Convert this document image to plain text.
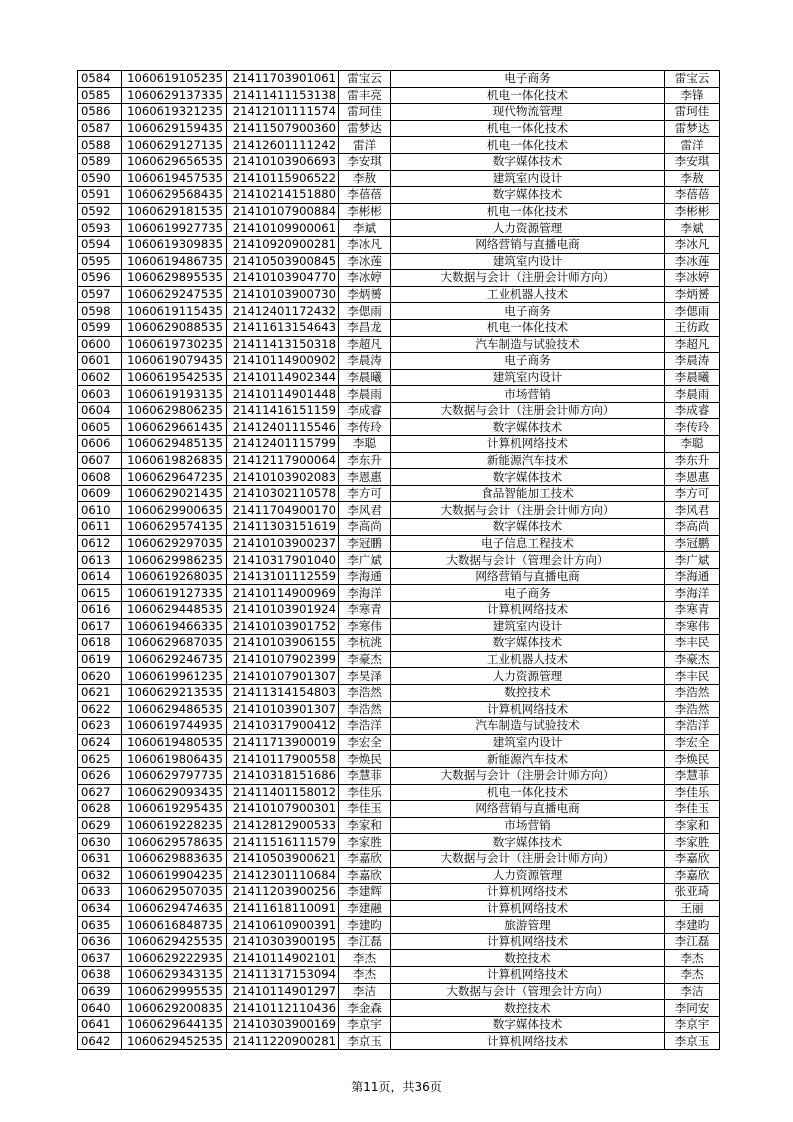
0584	1060619105235	21411703901061	雷宝云	电子商务	雷宝云
0585	1060629137335	21411411153138	雷丰亮	机电一体化技术	李锋
0586	1060619321235	21412101111574	雷珂佳	现代物流管理	雷珂佳
0587	1060629159435	21411507900360	雷梦达	机电一体化技术	雷梦达
0588	1060629127135	21412601111242	雷洋	机电一体化技术	雷洋
0589	1060629656535	21410103906693	李安琪	数字媒体技术	李安琪
0590	1060619457535	21410115906522	李敖	建筑室内设计	李敖
0591	1060629568435	21410214151880	李蓓蓓	数字媒体技术	李蓓蓓
0592	1060629181535	21410107900884	李彬彬	机电一体化技术	李彬彬
0593	1060619927735	21410109900061	李斌	人力资源管理	李斌
0594	1060619309835	21410920900281	李冰凡	网络营销与直播电商	李冰凡
0595	1060619486735	21410503900845	李冰莲	建筑室内设计	李冰莲
0596	1060629895535	21410103904770	李冰婷	大数据与会计（注册会计师方向）	李冰婷
0597	1060629247535	21410103900730	李炳赟	工业机器人技术	李炳赟
0598	1060619115435	21412401172432	李偲雨	电子商务	李偲雨
0599	1060629088535	21411613154643	李昌龙	机电一体化技术	王彷政
0600	1060619730235	21411413150318	李超凡	汽车制造与试验技术	李超凡
0601	1060619079435	21410114900902	李晨涛	电子商务	李晨涛
0602	1060619542535	21410114902344	李晨曦	建筑室内设计	李晨曦
0603	1060619193135	21410114901448	李晨雨	市场营销	李晨雨
0604	1060629806235	21411416151159	李成睿	大数据与会计（注册会计师方向）	李成睿
0605	1060629661435	21412401115546	李传玲	数字媒体技术	李传玲
0606	1060629485135	21412401115799	李聪	计算机网络技术	李聪
0607	1060619826835	21412117900064	李东升	新能源汽车技术	李东升
0608	1060629647235	21410103902083	李恩惠	数字媒体技术	李恩惠
0609	1060629021435	21410302110578	李方可	食品智能加工技术	李方可
0610	1060629900635	21411704900170	李风君	大数据与会计（注册会计师方向）	李风君
0611	1060629574135	21411303151619	李高尚	数字媒体技术	李高尚
0612	1060629297035	21410103900237	李冠鹏	电子信息工程技术	李冠鹏
0613	1060629986235	21410317901040	李广斌	大数据与会计（管理会计方向）	李广斌
0614	1060619268035	21413101112559	李海通	网络营销与直播电商	李海通
0615	1060619127335	21410114900969	李海洋	电子商务	李海洋
0616	1060629448535	21410103901924	李寒青	计算机网络技术	李寒青
0617	1060619466335	21410103901752	李寒伟	建筑室内设计	李寒伟
0618	1060629687035	21410103906155	李杭洮	数字媒体技术	李丰民
0619	1060629246735	21410107902399	李豪杰	工业机器人技术	李豪杰
0620	1060619961235	21410107901307	李昊泽	人力资源管理	李丰民
0621	1060629213535	21411314154803	李浩然	数控技术	李浩然
0622	1060629486535	21410103901307	李浩然	计算机网络技术	李浩然
0623	1060619744935	21410317900412	李浩洋	汽车制造与试验技术	李浩洋
0624	1060619480535	21411713900019	李宏全	建筑室内设计	李宏全
0625	1060619806435	21410117900558	李焕民	新能源汽车技术	李焕民
0626	1060629797735	21410318151686	李慧菲	大数据与会计（注册会计师方向）	李慧菲
0627	1060629093435	21411401158012	李佳乐	机电一体化技术	李佳乐
0628	1060619295435	21410107900301	李佳玉	网络营销与直播电商	李佳玉
0629	1060619228235	21412812900533	李家和	市场营销	李家和
0630	1060629578635	21411516111579	李家胜	数字媒体技术	李家胜
0631	1060629883635	21410503900621	李嘉欣	大数据与会计（注册会计师方向）	李嘉欣
0632	1060619904235	21412301110684	李嘉欣	人力资源管理	李嘉欣
0633	1060629507035	21411203900256	李建辉	计算机网络技术	张亚琦
0634	1060629474635	21411618110091	李建融	计算机网络技术	王丽
0635	1060616848735	21410610900391	李建昀	旅游管理	李建昀
0636	1060629425535	21410303900195	李江磊	计算机网络技术	李江磊
0637	1060629222935	21410114902101	李杰	数控技术	李杰
0638	1060629343135	21411317153094	李杰	计算机网络技术	李杰
0639	1060629995535	21410114901297	李洁	大数据与会计（管理会计方向）	李洁
0640	1060629200835	21410112110436	李金森	数控技术	李同安
0641	1060629644135	21410303900169	李京宇	数字媒体技术	李京宇
0642	1060629452535	21411220900281	李京玉	计算机网络技术	李京玉
第11页，共36页
